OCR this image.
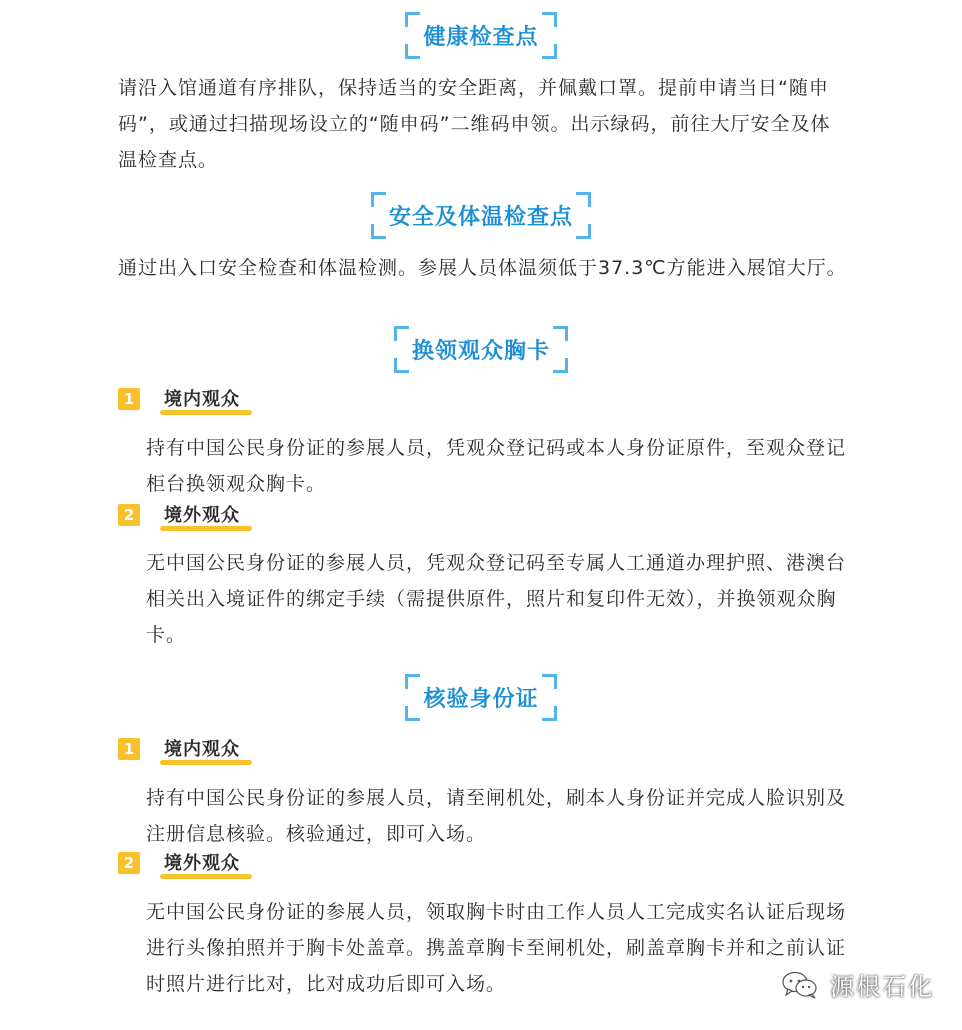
健康检查点

请沿入馆通道有序排队，保持适当的安全距离，并佩戴口罩。提前申请当日“随申码”，或通过扫描现场设立的“随申码”二维码申领。出示绿码，前往大厅安全及体温检查点。

安全及体温检查点

通过出入口安全检查和体温检测。参展人员体温须低于37.3℃方能进入展馆大厅。

换领观众胸卡
1	境内观众

持有中国公民身份证的参展人员，凭观众登记码或本人身份证原件，至观众登记柜台换领观众胸卡。

2	境外观众

无中国公民身份证的参展人员，凭观众登记码至专属人工通道办理护照、港澳台相关出入境证件的绑定手续（需提供原件，照片和复印件无效），并换领观众胸卡。

核验身份证
1	境内观众

持有中国公民身份证的参展人员，请至闸机处，刷本人身份证并完成人脸识别及注册信息核验。核验通过，即可入场。

2	境外观众

无中国公民身份证的参展人员，领取胸卡时由工作人员人工完成实名认证后现场进行头像拍照并于胸卡处盖章。携盖章胸卡至闸机处，刷盖章胸卡并和之前认证时照片进行比对，比对成功后即可入场。	源根石化
